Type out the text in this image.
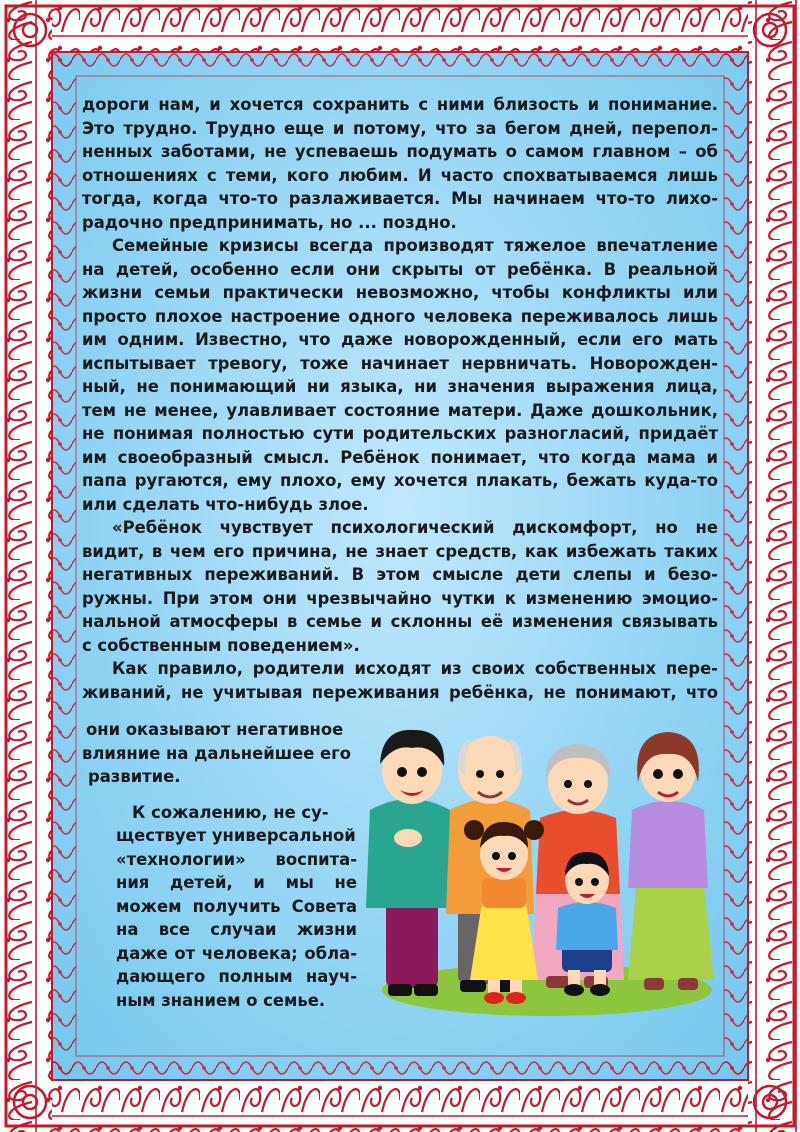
дороги нам, и хочется сохранить с ними близость и понимание.
Это трудно. Трудно еще и потому, что за бегом дней, перепол-
ненных заботами, не успеваешь подумать о самом главном – об
отношениях с теми, кого любим. И часто спохватываемся лишь
тогда, когда что-то разлаживается. Мы начинаем что-то лихо-
радочно предпринимать, но ... поздно.
Семейные кризисы всегда производят тяжелое впечатление
на детей, особенно если они скрыты от ребёнка. В реальной
жизни семьи практически невозможно, чтобы конфликты или
просто плохое настроение одного человека переживалось лишь
им одним. Известно, что даже новорожденный, если его мать
испытывает тревогу, тоже начинает нервничать. Новорожден-
ный, не понимающий ни языка, ни значения выражения лица,
тем не менее, улавливает состояние матери. Даже дошкольник,
не понимая полностью сути родительских разногласий, придаёт
им своеобразный смысл. Ребёнок понимает, что когда мама и
папа ругаются, ему плохо, ему хочется плакать, бежать куда-то
или сделать что-нибудь злое.
«Ребёнок чувствует психологический дискомфорт, но не
видит, в чем его причина, не знает средств, как избежать таких
негативных переживаний. В этом смысле дети слепы и безо-
ружны. При этом они чрезвычайно чутки к изменению эмоцио-
нальной атмосферы в семье и склонны её изменения связывать
с собственным поведением».
Как правило, родители исходят из своих собственных пере-
живаний, не учитывая переживания ребёнка, не понимают, что
они оказывают негативное
влияние на дальнейшее его
развитие.
К сожалению, не су-
ществует универсальной
«технологии» воспита-
ния детей, и мы не
можем получить Совета
на все случаи жизни
даже от человека; обла-
дающего полным науч-
ным знанием о семье.
